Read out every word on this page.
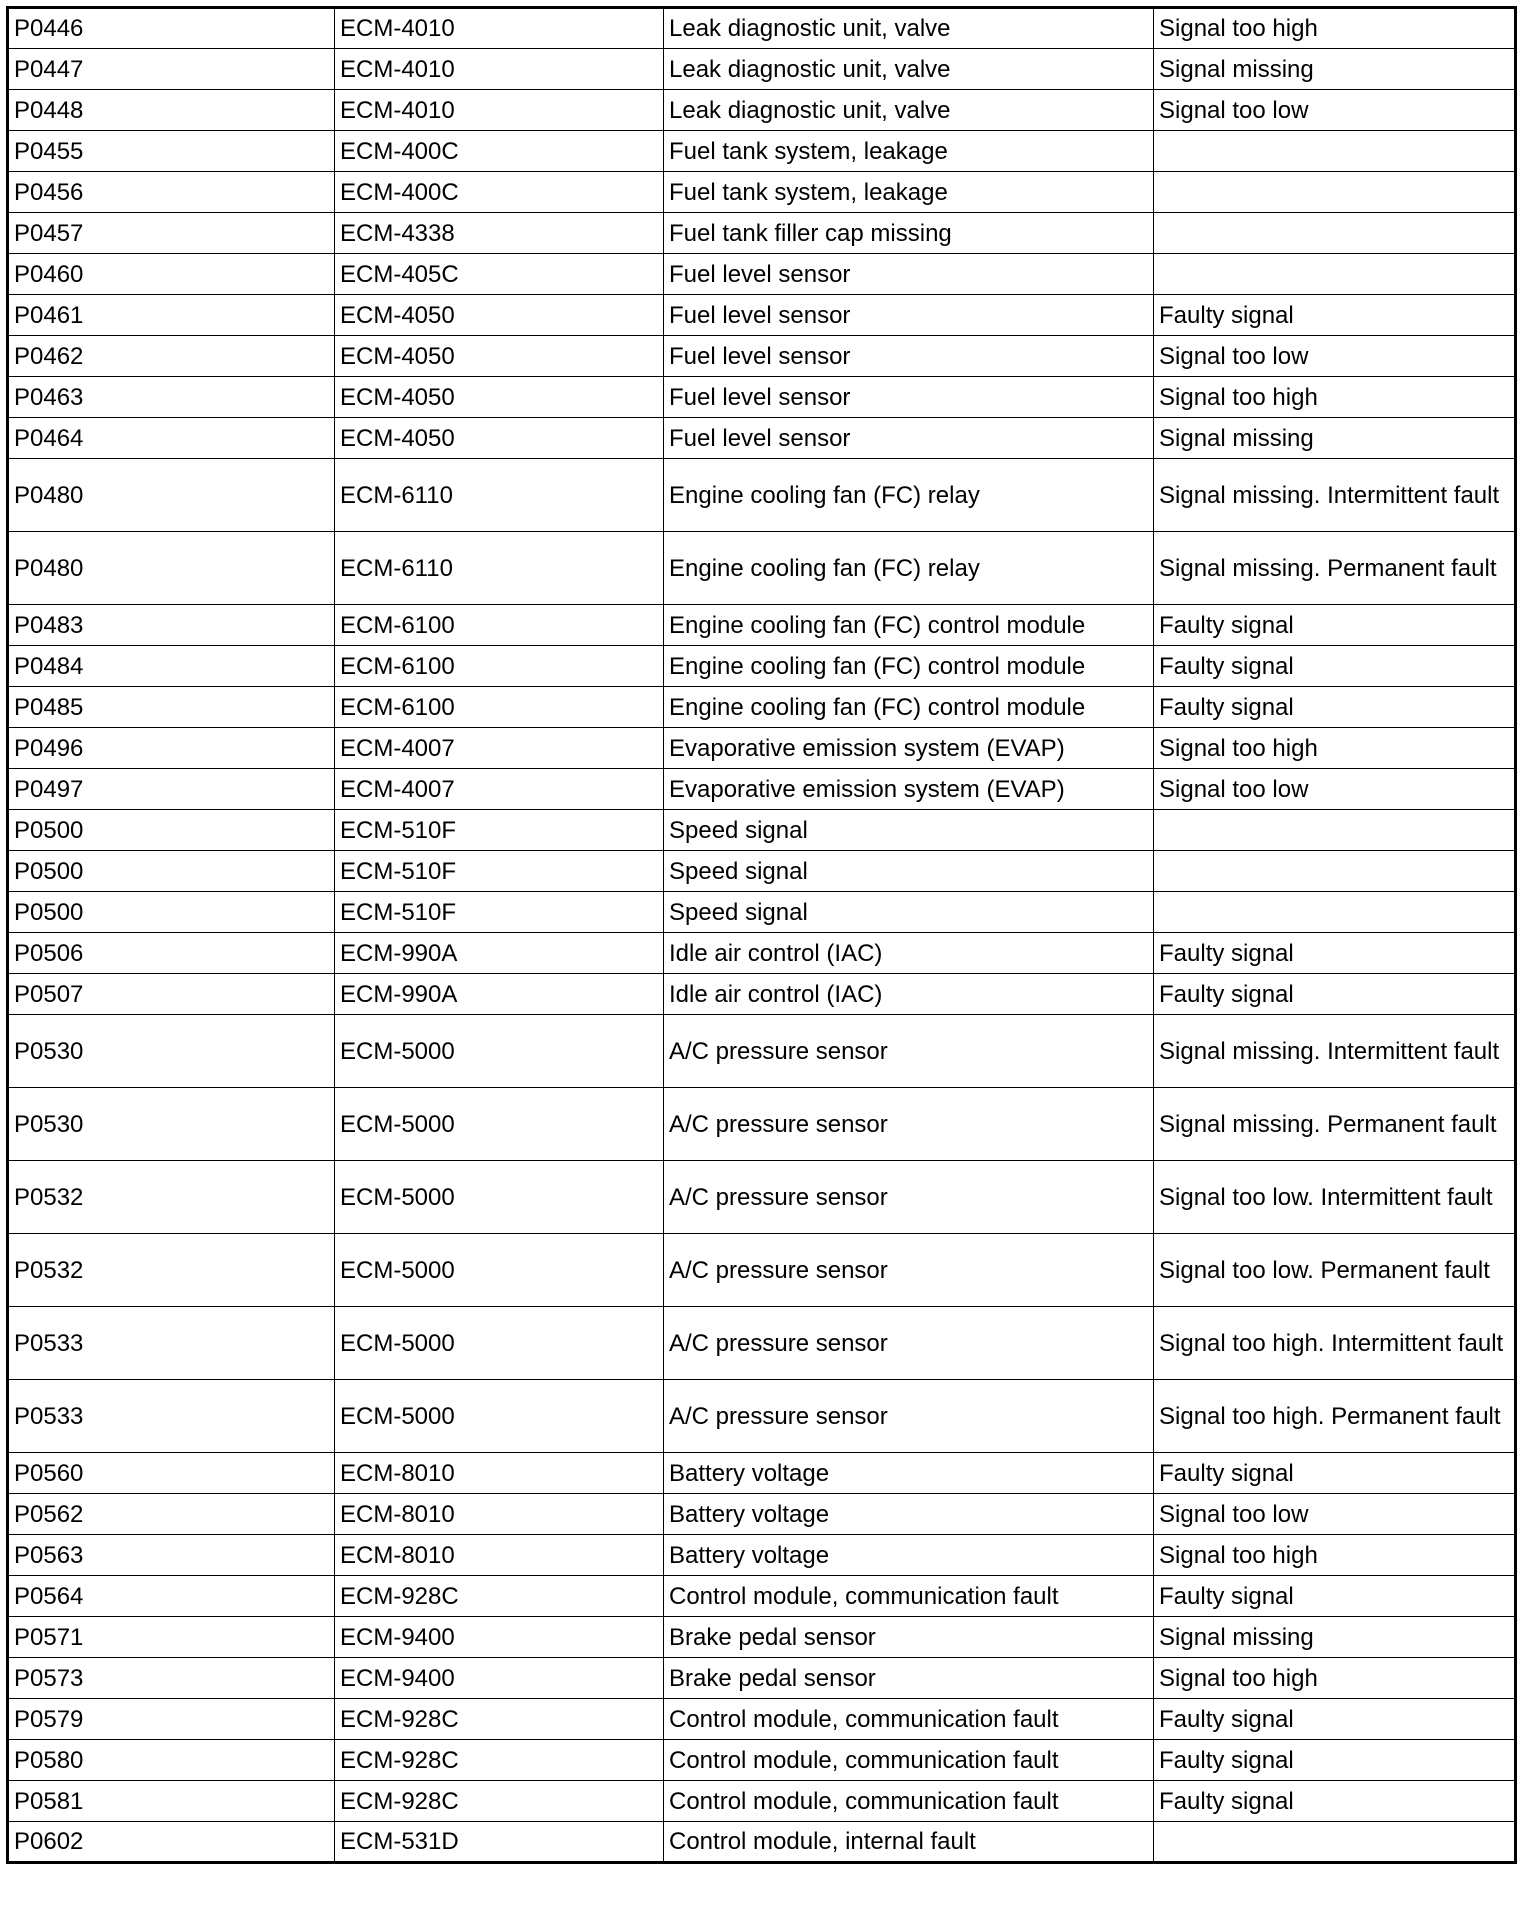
P0446	ECM-4010	Leak diagnostic unit, valve	Signal too high
P0447	ECM-4010	Leak diagnostic unit, valve	Signal missing
P0448	ECM-4010	Leak diagnostic unit, valve	Signal too low
P0455	ECM-400C	Fuel tank system, leakage	
P0456	ECM-400C	Fuel tank system, leakage	
P0457	ECM-4338	Fuel tank filler cap missing	
P0460	ECM-405C	Fuel level sensor	
P0461	ECM-4050	Fuel level sensor	Faulty signal
P0462	ECM-4050	Fuel level sensor	Signal too low
P0463	ECM-4050	Fuel level sensor	Signal too high
P0464	ECM-4050	Fuel level sensor	Signal missing
P0480	ECM-6110	Engine cooling fan (FC) relay	Signal missing. Intermittent fault
P0480	ECM-6110	Engine cooling fan (FC) relay	Signal missing. Permanent fault
P0483	ECM-6100	Engine cooling fan (FC) control module	Faulty signal
P0484	ECM-6100	Engine cooling fan (FC) control module	Faulty signal
P0485	ECM-6100	Engine cooling fan (FC) control module	Faulty signal
P0496	ECM-4007	Evaporative emission system (EVAP)	Signal too high
P0497	ECM-4007	Evaporative emission system (EVAP)	Signal too low
P0500	ECM-510F	Speed signal	
P0500	ECM-510F	Speed signal	
P0500	ECM-510F	Speed signal	
P0506	ECM-990A	Idle air control (IAC)	Faulty signal
P0507	ECM-990A	Idle air control (IAC)	Faulty signal
P0530	ECM-5000	A/C pressure sensor	Signal missing. Intermittent fault
P0530	ECM-5000	A/C pressure sensor	Signal missing. Permanent fault
P0532	ECM-5000	A/C pressure sensor	Signal too low. Intermittent fault
P0532	ECM-5000	A/C pressure sensor	Signal too low. Permanent fault
P0533	ECM-5000	A/C pressure sensor	Signal too high. Intermittent fault
P0533	ECM-5000	A/C pressure sensor	Signal too high. Permanent fault
P0560	ECM-8010	Battery voltage	Faulty signal
P0562	ECM-8010	Battery voltage	Signal too low
P0563	ECM-8010	Battery voltage	Signal too high
P0564	ECM-928C	Control module, communication fault	Faulty signal
P0571	ECM-9400	Brake pedal sensor	Signal missing
P0573	ECM-9400	Brake pedal sensor	Signal too high
P0579	ECM-928C	Control module, communication fault	Faulty signal
P0580	ECM-928C	Control module, communication fault	Faulty signal
P0581	ECM-928C	Control module, communication fault	Faulty signal
P0602	ECM-531D	Control module, internal fault	
